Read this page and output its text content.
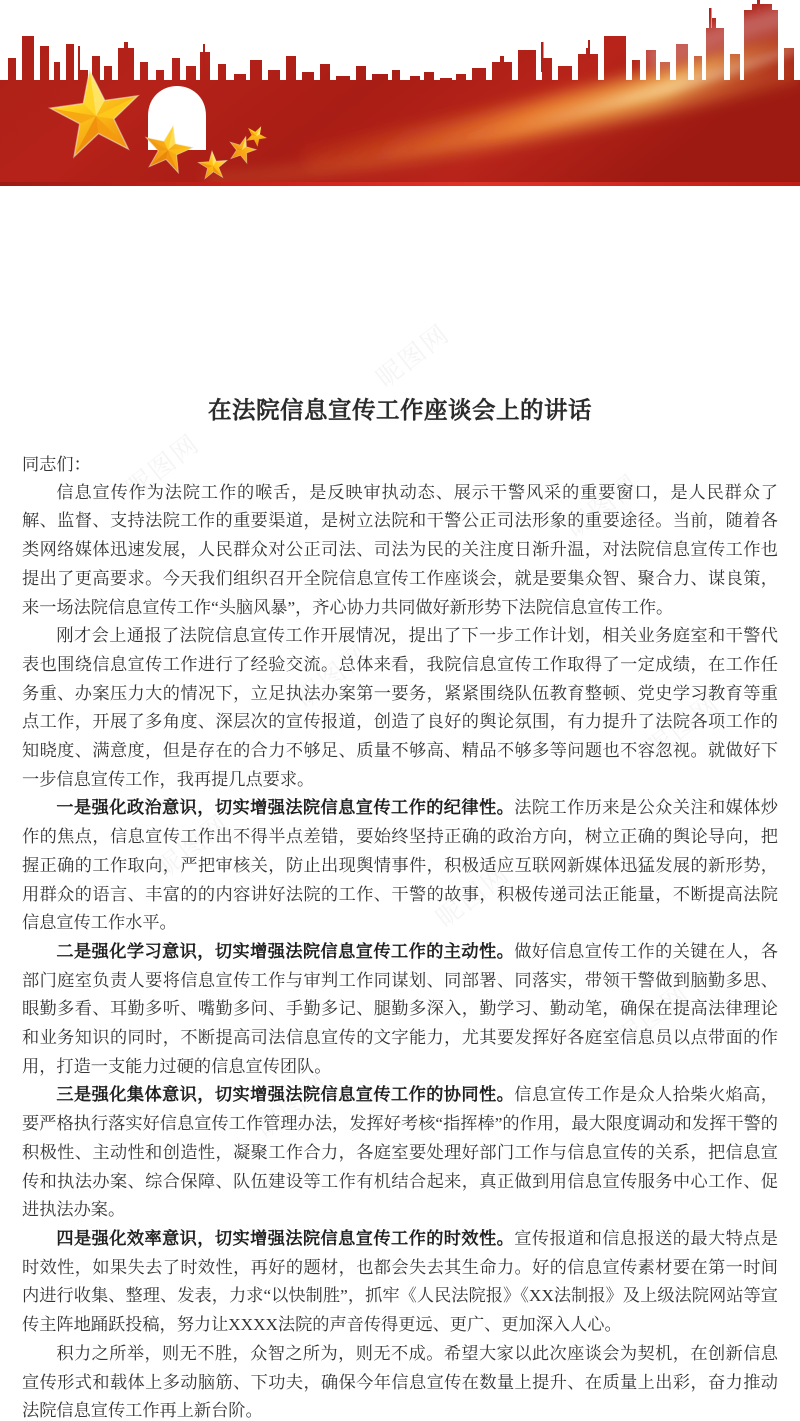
昵图网
昵图网
昵图网
昵图网
昵图网
昵图网
昵图网
昵图网
昵图网
在法院信息宣传工作座谈会上的讲话
同志们：

信息宣传作为法院工作的喉舌，是反映审执动态、展示干警风采的重要窗口，是人民群众了解、监督、支持法院工作的重要渠道，是树立法院和干警公正司法形象的重要途径。当前，随着各类网络媒体迅速发展，人民群众对公正司法、司法为民的关注度日渐升温，对法院信息宣传工作也提出了更高要求。今天我们组织召开全院信息宣传工作座谈会，就是要集众智、聚合力、谋良策，来一场法院信息宣传工作“头脑风暴”，齐心协力共同做好新形势下法院信息宣传工作。

刚才会上通报了法院信息宣传工作开展情况，提出了下一步工作计划，相关业务庭室和干警代表也围绕信息宣传工作进行了经验交流。总体来看，我院信息宣传工作取得了一定成绩，在工作任务重、办案压力大的情况下，立足执法办案第一要务，紧紧围绕队伍教育整顿、党史学习教育等重点工作，开展了多角度、深层次的宣传报道，创造了良好的舆论氛围，有力提升了法院各项工作的知晓度、满意度，但是存在的合力不够足、质量不够高、精品不够多等问题也不容忽视。就做好下一步信息宣传工作，我再提几点要求。

一是强化政治意识，切实增强法院信息宣传工作的纪律性。法院工作历来是公众关注和媒体炒作的焦点，信息宣传工作出不得半点差错，要始终坚持正确的政治方向，树立正确的舆论导向，把握正确的工作取向，严把审核关，防止出现舆情事件，积极适应互联网新媒体迅猛发展的新形势，用群众的语言、丰富的的内容讲好法院的工作、干警的故事，积极传递司法正能量，不断提高法院信息宣传工作水平。

二是强化学习意识，切实增强法院信息宣传工作的主动性。做好信息宣传工作的关键在人，各部门庭室负责人要将信息宣传工作与审判工作同谋划、同部署、同落实，带领干警做到脑勤多思、眼勤多看、耳勤多听、嘴勤多问、手勤多记、腿勤多深入，勤学习、勤动笔，确保在提高法律理论和业务知识的同时，不断提高司法信息宣传的文字能力，尤其要发挥好各庭室信息员以点带面的作用，打造一支能力过硬的信息宣传团队。

三是强化集体意识，切实增强法院信息宣传工作的协同性。信息宣传工作是众人拾柴火焰高，要严格执行落实好信息宣传工作管理办法，发挥好考核“指挥棒”的作用，最大限度调动和发挥干警的积极性、主动性和创造性，凝聚工作合力，各庭室要处理好部门工作与信息宣传的关系，把信息宣传和执法办案、综合保障、队伍建设等工作有机结合起来，真正做到用信息宣传服务中心工作、促进执法办案。

四是强化效率意识，切实增强法院信息宣传工作的时效性。宣传报道和信息报送的最大特点是时效性，如果失去了时效性，再好的题材，也都会失去其生命力。好的信息宣传素材要在第一时间内进行收集、整理、发表，力求“以快制胜”，抓牢《人民法院报》《XX法制报》及上级法院网站等宣传主阵地踊跃投稿，努力让XXXX法院的声音传得更远、更广、更加深入人心。

积力之所举，则无不胜，众智之所为，则无不成。希望大家以此次座谈会为契机，在创新信息宣传形式和载体上多动脑筋、下功夫，确保今年信息宣传在数量上提升、在质量上出彩，奋力推动法院信息宣传工作再上新台阶。
